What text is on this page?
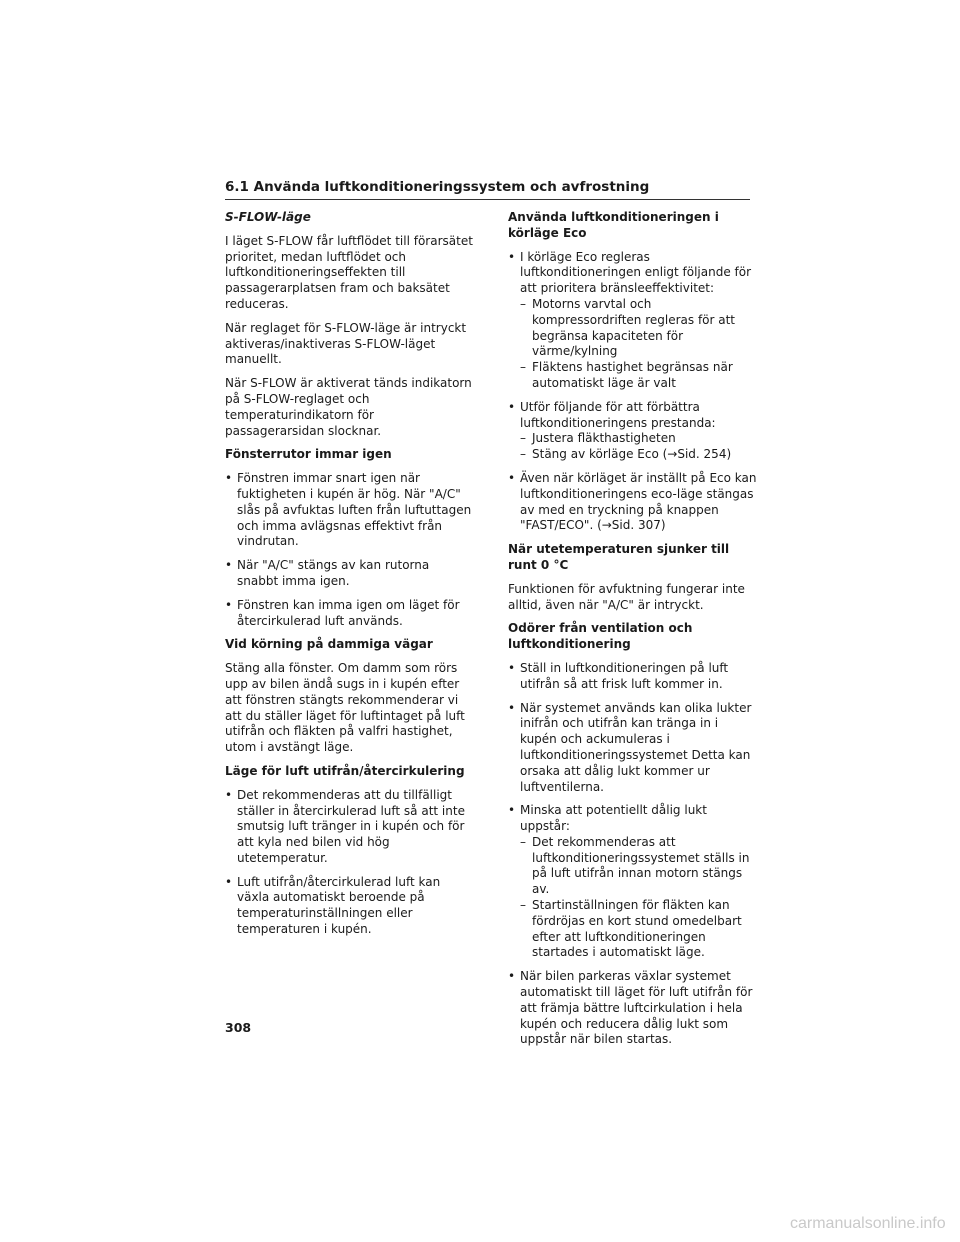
6.1 Använda luftkonditioneringssystem och avfrostning
S-FLOW-läge

I läget S-FLOW får luftflödet till förarsätet prioritet, medan luftflödet och luftkonditioneringseffekten till passagerarplatsen fram och baksätet reduceras.

När reglaget för S-FLOW-läge är intryckt aktiveras/inaktiveras S-FLOW-läget manuellt.

När S-FLOW är aktiverat tänds indikatorn på S-FLOW-reglaget och temperaturindikatorn för passagerarsidan slocknar.

Fönsterrutor immar igen
• Fönstren immar snart igen när fuktigheten i kupén är hög. När "A/C" slås på avfuktas luften från luftuttagen och imma avlägsnas effektivt från vindrutan.
• När "A/C" stängs av kan rutorna snabbt imma igen.
• Fönstren kan imma igen om läget för återcirkulerad luft används.
Vid körning på dammiga vägar

Stäng alla fönster. Om damm som rörs upp av bilen ändå sugs in i kupén efter att fönstren stängts rekommenderar vi att du ställer läget för luftintaget på luft utifrån och fläkten på valfri hastighet, utom i avstängt läge.

Läge för luft utifrån/återcirkulering
• Det rekommenderas att du tillfälligt ställer in återcirkulerad luft så att inte smutsig luft tränger in i kupén och för att kyla ned bilen vid hög utetemperatur.
• Luft utifrån/återcirkulerad luft kan växla automatiskt beroende på temperaturinställningen eller temperaturen i kupén.
Använda luftkonditioneringen i körläge Eco
• I körläge Eco regleras luftkonditioneringen enligt följande för att prioritera bränsleeffektivitet:
– Motorns varvtal och kompressordriften regleras för att begränsa kapaciteten för värme/kylning
– Fläktens hastighet begränsas när automatiskt läge är valt
• Utför följande för att förbättra luftkonditioneringens prestanda:
– Justera fläkthastigheten
– Stäng av körläge Eco (→Sid. 254)
• Även när körläget är inställt på Eco kan luftkonditioneringens eco-läge stängas av med en tryckning på knappen "FAST/ECO". (→Sid. 307)
När utetemperaturen sjunker till runt 0 °C

Funktionen för avfuktning fungerar inte alltid, även när "A/C" är intryckt.

Odörer från ventilation och luftkonditionering
• Ställ in luftkonditioneringen på luft utifrån så att frisk luft kommer in.
• När systemet används kan olika lukter inifrån och utifrån kan tränga in i kupén och ackumuleras i luftkonditioneringssystemet Detta kan orsaka att dålig lukt kommer ur luftventilerna.
• Minska att potentiellt dålig lukt uppstår:
– Det rekommenderas att luftkonditioneringssystemet ställs in på luft utifrån innan motorn stängs av.
– Startinställningen för fläkten kan fördröjas en kort stund omedelbart efter att luftkonditioneringen startades i automatiskt läge.
• När bilen parkeras växlar systemet automatiskt till läget för luft utifrån för att främja bättre luftcirkulation i hela kupén och reducera dålig lukt som uppstår när bilen startas.
308
carmanualsonline.info
